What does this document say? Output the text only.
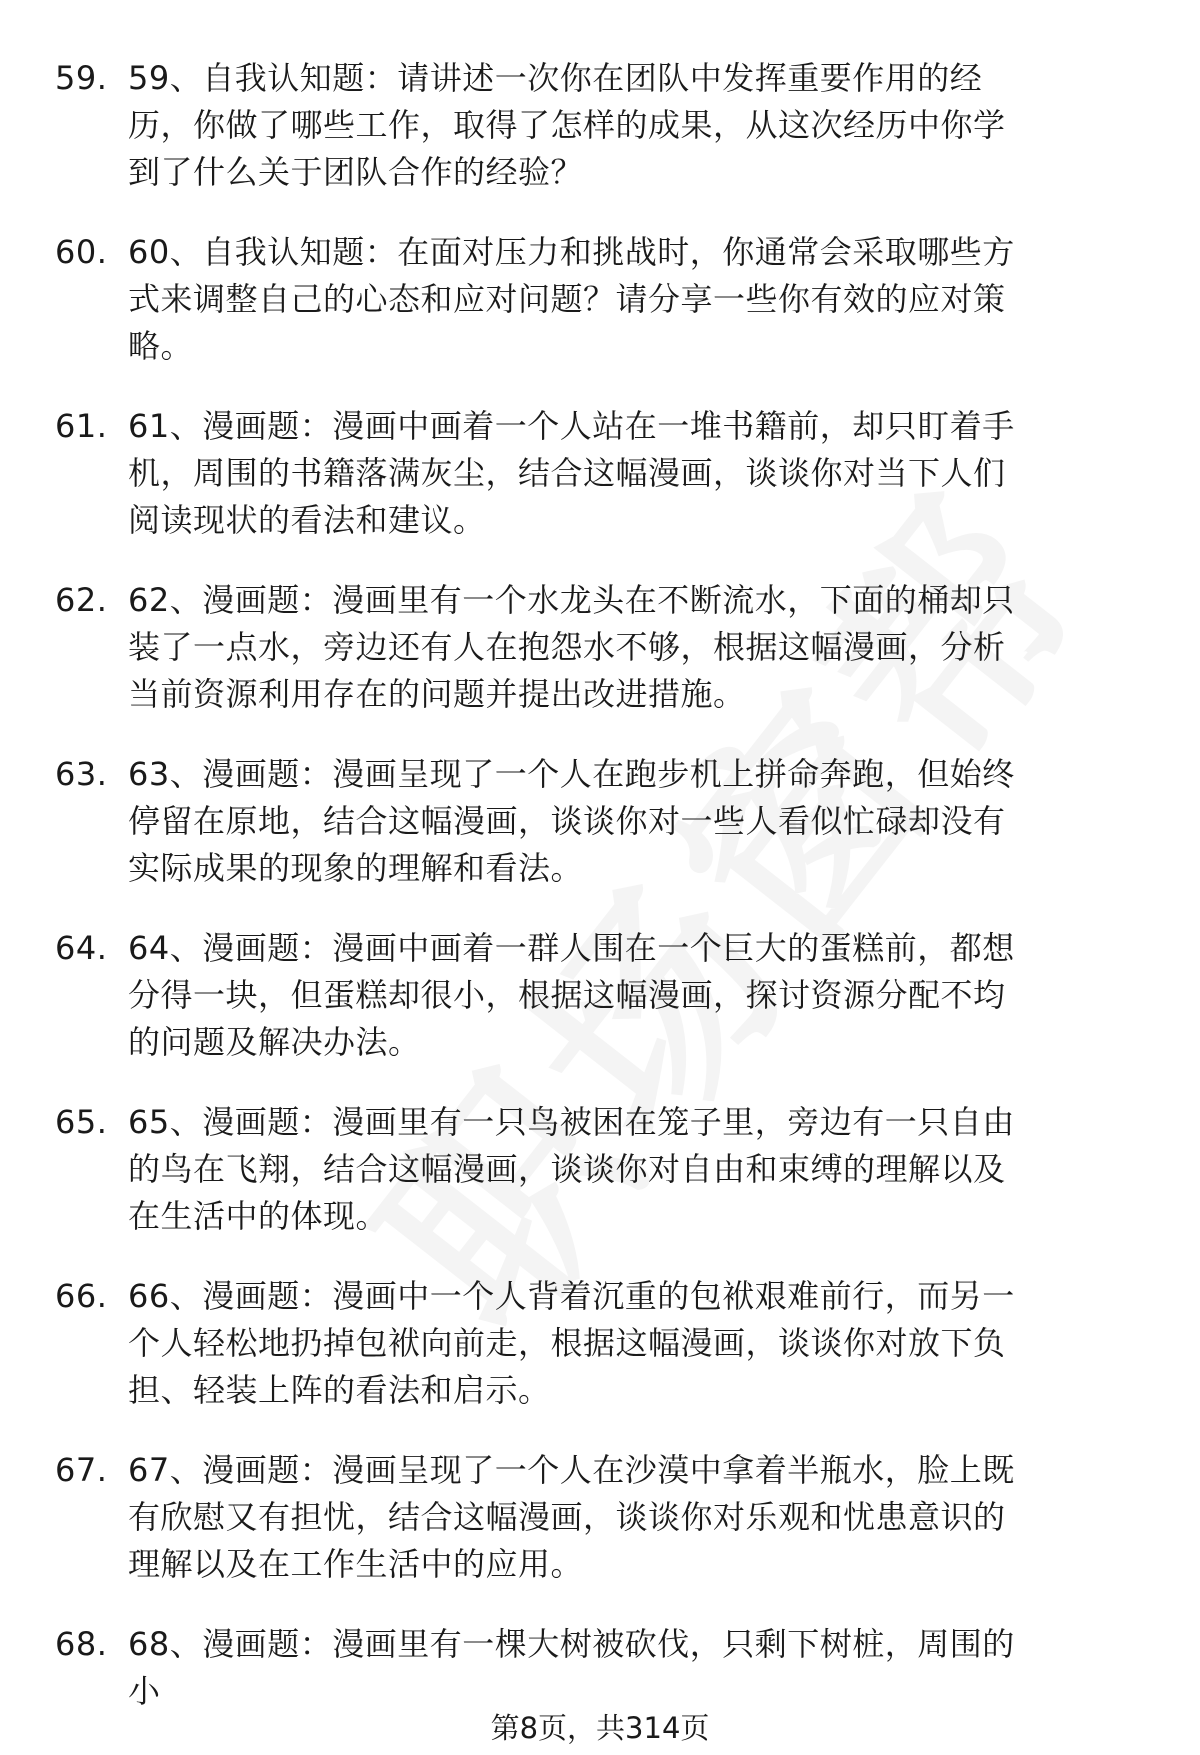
59. 59、自我认知题：请讲述一次你在团队中发挥重要作用的经历，你做了哪些工作，取得了怎样的成果，从这次经历中你学到了什么关于团队合作的经验？
60. 60、自我认知题：在面对压力和挑战时，你通常会采取哪些方式来调整自己的心态和应对问题？请分享一些你有效的应对策略。
61. 61、漫画题：漫画中画着一个人站在一堆书籍前，却只盯着手机，周围的书籍落满灰尘，结合这幅漫画，谈谈你对当下人们阅读现状的看法和建议。
62. 62、漫画题：漫画里有一个水龙头在不断流水，下面的桶却只装了一点水，旁边还有人在抱怨水不够，根据这幅漫画，分析当前资源利用存在的问题并提出改进措施。
63. 63、漫画题：漫画呈现了一个人在跑步机上拼命奔跑，但始终停留在原地，结合这幅漫画，谈谈你对一些人看似忙碌却没有实际成果的现象的理解和看法。
64. 64、漫画题：漫画中画着一群人围在一个巨大的蛋糕前，都想分得一块，但蛋糕却很小，根据这幅漫画，探讨资源分配不均的问题及解决办法。
65. 65、漫画题：漫画里有一只鸟被困在笼子里，旁边有一只自由的鸟在飞翔，结合这幅漫画，谈谈你对自由和束缚的理解以及在生活中的体现。
66. 66、漫画题：漫画中一个人背着沉重的包袱艰难前行，而另一个人轻松地扔掉包袱向前走，根据这幅漫画，谈谈你对放下负担、轻装上阵的看法和启示。
67. 67、漫画题：漫画呈现了一个人在沙漠中拿着半瓶水，脸上既有欣慰又有担忧，结合这幅漫画，谈谈你对乐观和忧患意识的理解以及在工作生活中的应用。
68. 68、漫画题：漫画里有一棵大树被砍伐，只剩下树桩，周围的小
第8页，共314页
